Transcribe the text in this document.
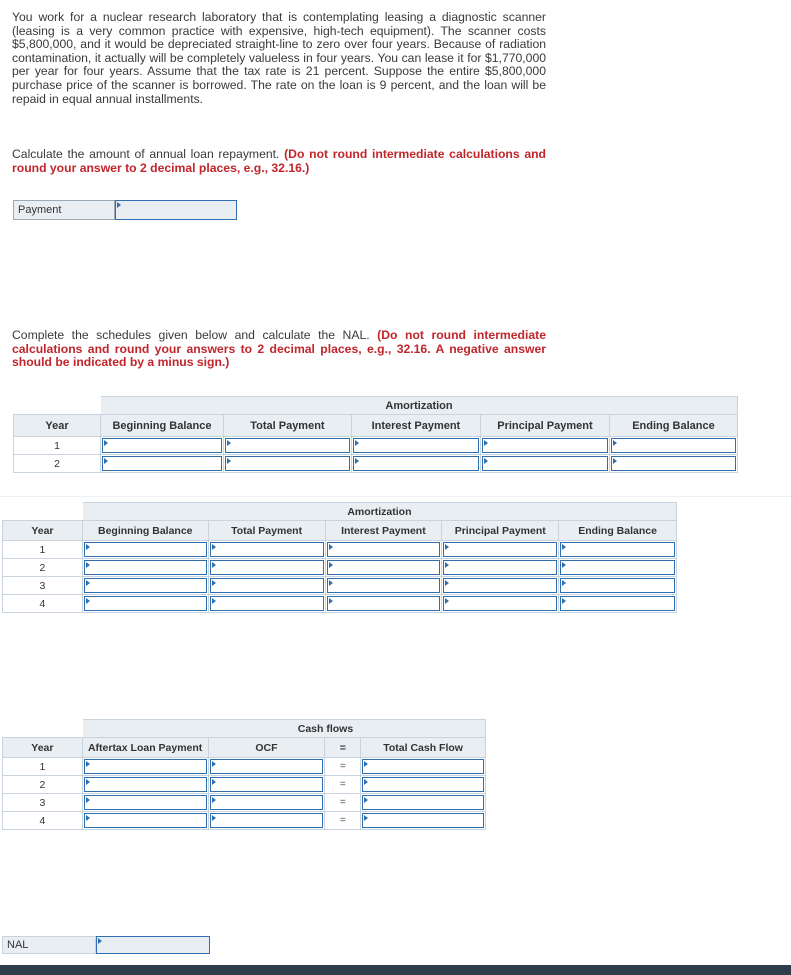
You work for a nuclear research laboratory that is contemplating leasing a diagnostic scanner (leasing is a very common practice with expensive, high-tech equipment). The scanner costs $5,800,000, and it would be depreciated straight-line to zero over four years. Because of radiation contamination, it actually will be completely valueless in four years. You can lease it for $1,770,000 per year for four years. Assume that the tax rate is 21 percent. Suppose the entire $5,800,000 purchase price of the scanner is borrowed. The rate on the loan is 9 percent, and the loan will be repaid in equal annual installments.

Calculate the amount of annual loan repayment. (Do not round intermediate calculations and round your answer to 2 decimal places, e.g., 32.16.)

Payment

Complete the schedules given below and calculate the NAL. (Do not round intermediate calculations and round your answers to 2 decimal places, e.g., 32.16. A negative answer should be indicated by a minus sign.)

	Amortization				
Year	Beginning Balance	Total Payment	Interest Payment	Principal Payment	Ending Balance
1	

2	

	Amortization				
Year	Beginning Balance	Total Payment	Interest Payment	Principal Payment	Ending Balance
1	

2	

3	

4	

	Cash flows			
Year	Aftertax Loan Payment	OCF	=	Total Cash Flow
1			=	

2			=	

3			=	

4			=	
NAL
